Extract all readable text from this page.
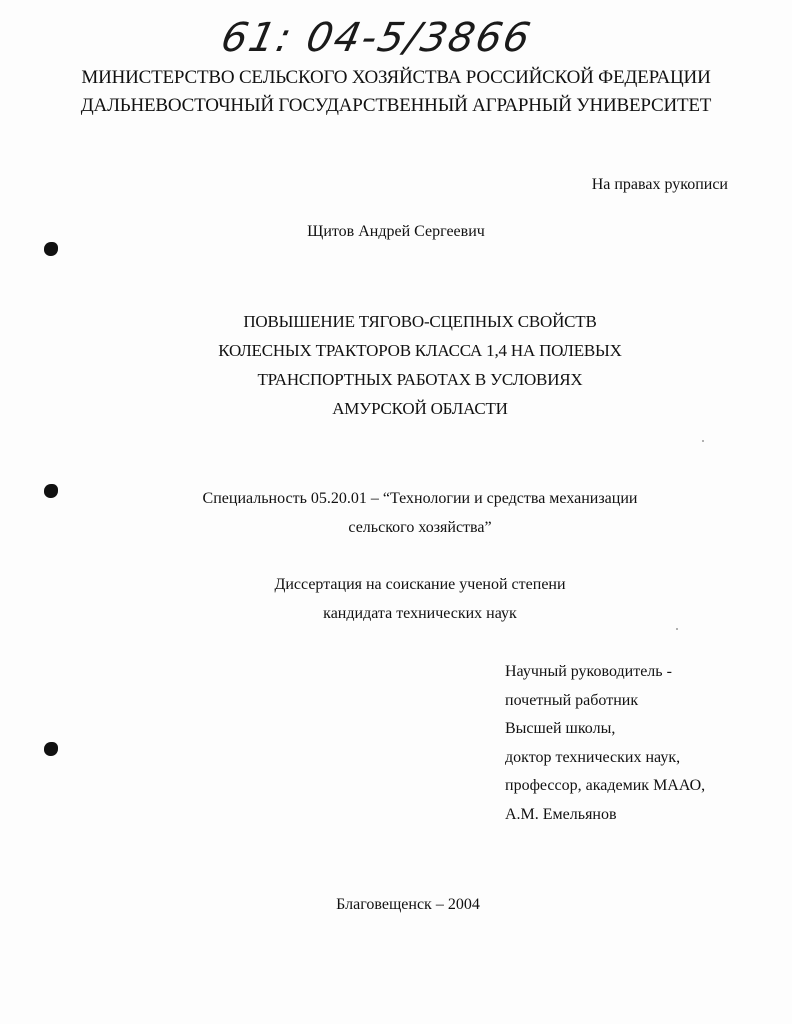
61: 04-5/3866
МИНИСТЕРСТВО СЕЛЬСКОГО ХОЗЯЙСТВА РОССИЙСКОЙ ФЕДЕРАЦИИ
ДАЛЬНЕВОСТОЧНЫЙ ГОСУДАРСТВЕННЫЙ АГРАРНЫЙ УНИВЕРСИТЕТ
На правах рукописи
Щитов Андрей Сергеевич
ПОВЫШЕНИЕ ТЯГОВО-СЦЕПНЫХ СВОЙСТВ
КОЛЕСНЫХ ТРАКТОРОВ КЛАССА 1,4 НА ПОЛЕВЫХ
ТРАНСПОРТНЫХ РАБОТАХ В УСЛОВИЯХ
АМУРСКОЙ ОБЛАСТИ
Специальность 05.20.01 – “Технологии и средства механизации
сельского хозяйства”
Диссертация на соискание ученой степени
кандидата технических наук
Научный руководитель -
почетный работник
Высшей школы,
доктор технических наук,
профессор, академик МААО,
А.М. Емельянов
Благовещенск – 2004
